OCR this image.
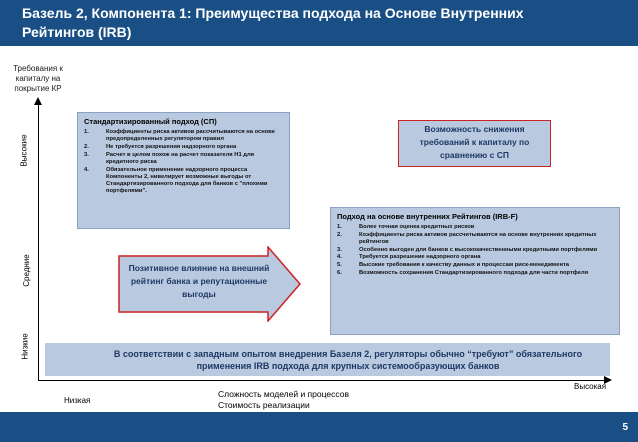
Базель 2, Компонента 1: Преимущества подхода на Основе Внутренних
Рейтингов (IRB)
Требования к капиталу на покрытие КР
Высокие
Средние
Низкие
Стандартизированный подход (СП)
1.	Коэффициенты риска активов рассчитываются на основе предопределенных регулятором правил
2.	Не требуется разрешения надзорного органа
3.	Расчет в целом похож на расчет показателя Н1 для кредитного риска
4.	Обязательное применение надзорного процесса Компоненты 2, нивелирует возможные выгоды от Стандартизированного подхода для банков с "плохими портфелями".
Возможность снижения требований к капиталу по сравнению с СП
Подход на основе внутренних Рейтингов (IRB-F)
1.	Более точная оценка кредитных рисков
2.	Коэффициенты риска активов рассчитываются на основе внутренних кредитных рейтингов
3.	Особенно выгоден для банков с высококачественными кредитными портфелями
4.	Требуется разрешение надзорного органа
5.	Высокие требования к качеству данных и процессам риск-менеджмента
6.	Возможность сохранения Стандартизированного подхода для части портфеля
Позитивное влияние на внешний рейтинг банка и репутационные выгоды
В соответствии с западным опытом внедрения Базеля 2, регуляторы обычно “требуют” обязательного применения IRB подхода для крупных системообразующих банков
Низкая
Высокая
Сложность моделей и процессов
Стоимость реализации
5
